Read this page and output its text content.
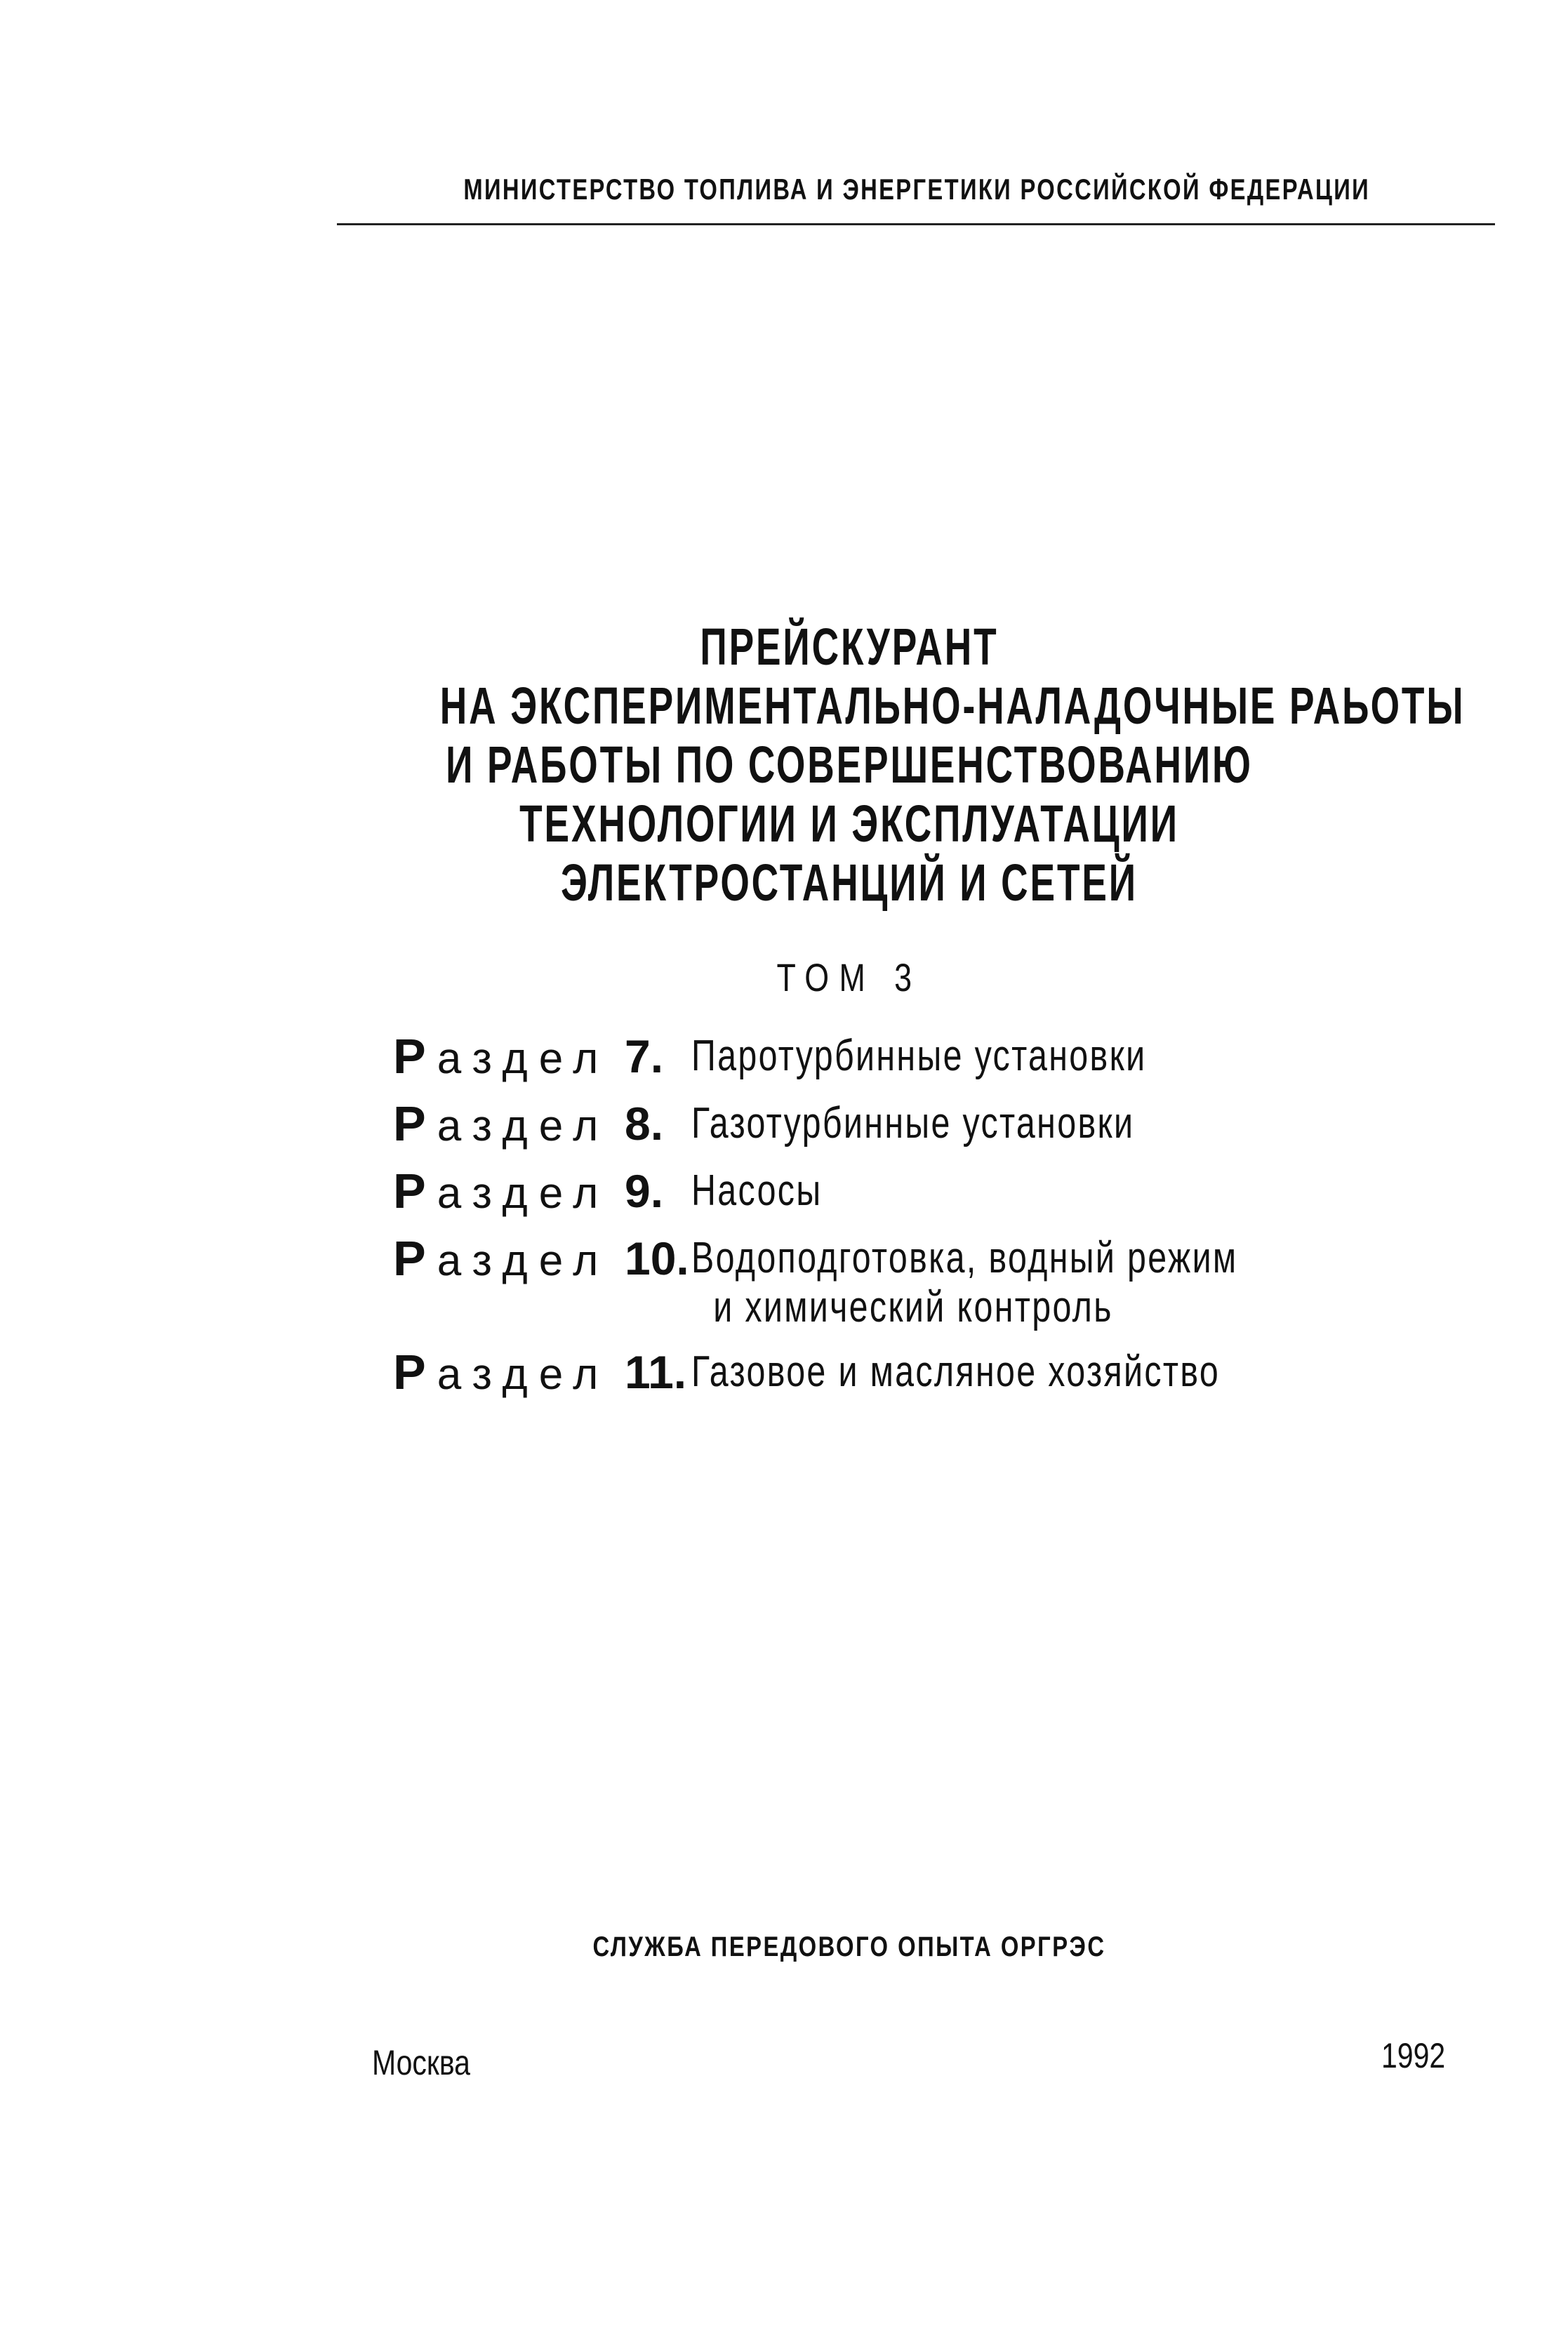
МИНИСТЕРСТВО ТОПЛИВА И ЭНЕРГЕТИКИ РОССИЙСКОЙ ФЕДЕРАЦИИ
ПРЕЙСКУРАНТ
НА ЭКСПЕРИМЕНТАЛЬНО-НАЛАДОЧНЫЕ РАЬОТЫ
И РАБОТЫ ПО СОВЕРШЕНСТВОВАНИЮ
ТЕХНОЛОГИИ И ЭКСПЛУАТАЦИИ
ЭЛЕКТРОСТАНЦИЙ И СЕТЕЙ
ТОМ 3
Раздел 7. Паротурбинные установки
Раздел 8. Газотурбинные установки
Раздел 9. Насосы
Раздел 10. Водоподготовка, водный режим
и химический контроль
Раздел 11. Газовое и масляное хозяйство
СЛУЖБА ПЕРЕДОВОГО ОПЫТА ОРГРЭС
Москва	1992
